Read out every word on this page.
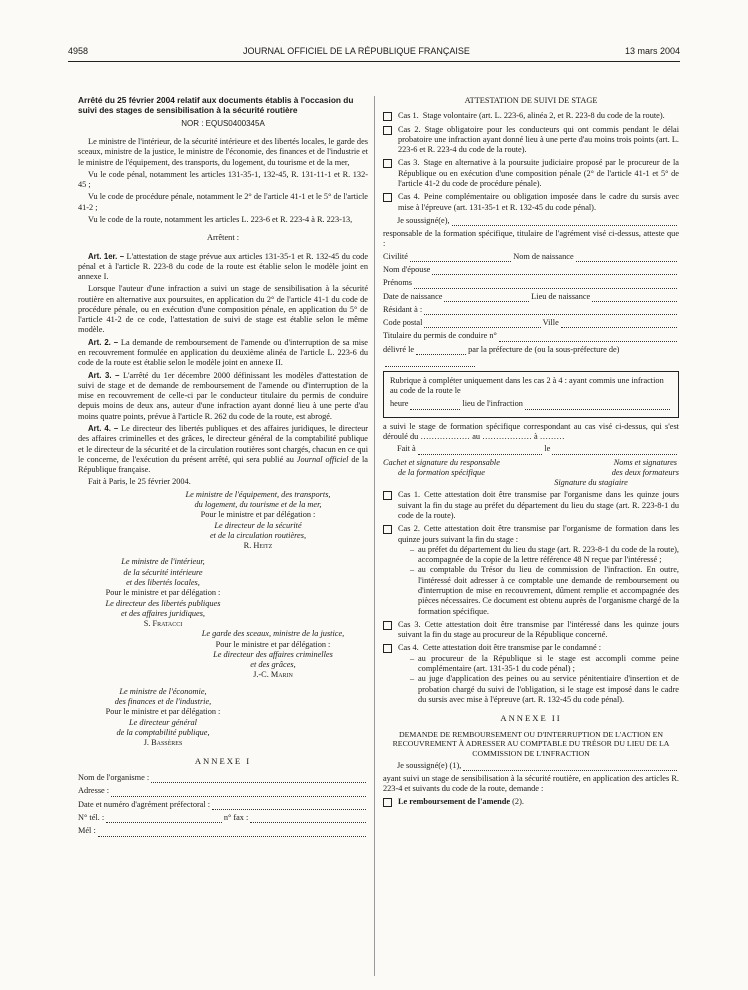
4958	JOURNAL OFFICIEL DE LA RÉPUBLIQUE FRANÇAISE	13 mars 2004
Arrêté du 25 février 2004 relatif aux documents établis à l'occasion du suivi des stages de sensibilisation à la sécurité routière
NOR : EQUS0400345A

Le ministre de l'intérieur, de la sécurité intérieure et des libertés locales, le garde des sceaux, ministre de la justice, le ministre de l'économie, des finances et de l'industrie et le ministre de l'équipement, des transports, du logement, du tourisme et de la mer,

Vu le code pénal, notamment les articles 131-35-1, 132-45, R. 131-11-1 et R. 132-45 ;

Vu le code de procédure pénale, notamment le 2° de l'article 41-1 et le 5° de l'article 41-2 ;

Vu le code de la route, notamment les articles L. 223-6 et R. 223-4 à R. 223-13,

Arrêtent :

Art. 1er. – L'attestation de stage prévue aux articles 131-35-1 et R. 132-45 du code pénal et à l'article R. 223-8 du code de la route est établie selon le modèle joint en annexe I.

Lorsque l'auteur d'une infraction a suivi un stage de sensibilisation à la sécurité routière en alternative aux poursuites, en application du 2° de l'article 41-1 du code de procédure pénale, ou en exécution d'une composition pénale, en application du 5° de l'article 41-2 de ce code, l'attestation de suivi de stage est établie selon le même modèle.

Art. 2. – La demande de remboursement de l'amende ou d'interruption de sa mise en recouvrement formulée en application du deuxième alinéa de l'article L. 223-6 du code de la route est établie selon le modèle joint en annexe II.

Art. 3. – L'arrêté du 1er décembre 2000 définissant les modèles d'attestation de suivi de stage et de demande de remboursement de l'amende ou d'interruption de la mise en recouvrement de celle-ci par le conducteur titulaire du permis de conduire depuis moins de deux ans, auteur d'une infraction ayant donné lieu à une perte d'au moins quatre points, prévue à l'article R. 262 du code de la route, est abrogé.

Art. 4. – Le directeur des libertés publiques et des affaires juridiques, le directeur des affaires criminelles et des grâces, le directeur général de la comptabilité publique et le directeur de la sécurité et de la circulation routières sont chargés, chacun en ce qui le concerne, de l'exécution du présent arrêté, qui sera publié au Journal officiel de la République française.

Fait à Paris, le 25 février 2004.

Le ministre de l'équipement, des transports,
du logement, du tourisme et de la mer,
Pour le ministre et par délégation :
Le directeur de la sécurité
et de la circulation routières,
R. Heitz
Le ministre de l'intérieur,
de la sécurité intérieure
et des libertés locales,
Pour le ministre et par délégation :
Le directeur des libertés publiques
et des affaires juridiques,
S. Fratacci
Le garde des sceaux, ministre de la justice,
Pour le ministre et par délégation :
Le directeur des affaires criminelles
et des grâces,
J.-C. Marin
Le ministre de l'économie,
des finances et de l'industrie,
Pour le ministre et par délégation :
Le directeur général
de la comptabilité publique,
J. Bassères
ANNEXE I
Nom de l'organisme :
Adresse :
Date et numéro d'agrément préfectoral :
N° tél. :	n° fax :
Mél :

ATTESTATION DE SUIVI DE STAGE

Cas 1. Stage volontaire (art. L. 223-6, alinéa 2, et R. 223-8 du code de la route).
Cas 2. Stage obligatoire pour les conducteurs qui ont commis pendant le délai probatoire une infraction ayant donné lieu à une perte d'au moins trois points (art. L. 223-6 et R. 223-4 du code de la route).
Cas 3. Stage en alternative à la poursuite judiciaire proposé par le procureur de la République ou en exécution d'une composition pénale (2° de l'article 41-1 et 5° de l'article 41-2 du code de procédure pénale).
Cas 4. Peine complémentaire ou obligation imposée dans le cadre du sursis avec mise à l'épreuve (art. 131-35-1 et R. 132-45 du code pénal).
Je soussigné(e),

responsable de la formation spécifique, titulaire de l'agrément visé ci-dessus, atteste que :

Civilité	Nom de naissance
Nom d'épouse
Prénoms
Date de naissance	Lieu de naissance
Résidant à :
Code postal	Ville
Titulaire du permis de conduire n°
délivré le	par la préfecture de (ou la sous-préfecture de)
Rubrique à compléter uniquement dans les cas 2 à 4 : ayant commis une infraction au code de la route le
heure	lieu de l'infraction

a suivi le stage de formation spécifique correspondant au cas visé ci-dessus, qui s'est déroulé du ……………… au ……………… à ………

Fait à	le
Cachet et signature du responsable
de la formation spécifique
Noms et signatures
des deux formateurs

Signature du stagiaire

Cas 1. Cette attestation doit être transmise par l'organisme dans les quinze jours suivant la fin du stage au préfet du département du lieu du stage (art. R. 223-8-1 du code de la route).
Cas 2. Cette attestation doit être transmise par l'organisme de formation dans les quinze jours suivant la fin du stage :
– au préfet du département du lieu du stage (art. R. 223-8-1 du code de la route), accompagnée de la copie de la lettre référence 48 N reçue par l'intéressé ;
– au comptable du Trésor du lieu de commission de l'infraction. En outre, l'intéressé doit adresser à ce comptable une demande de remboursement ou d'interruption de mise en recouvrement, dûment remplie et accompagnée des pièces nécessaires. Ce document est obtenu auprès de l'organisme chargé de la formation spécifique.
Cas 3. Cette attestation doit être transmise par l'intéressé dans les quinze jours suivant la fin du stage au procureur de la République concerné.
Cas 4. Cette attestation doit être transmise par le condamné :
– au procureur de la République si le stage est accompli comme peine complémentaire (art. 131-35-1 du code pénal) ;
– au juge d'application des peines ou au service pénitentiaire d'insertion et de probation chargé du suivi de l'obligation, si le stage est imposé dans le cadre du sursis avec mise à l'épreuve (art. R. 132-45 du code pénal).
ANNEXE II

DEMANDE DE REMBOURSEMENT OU D'INTERRUPTION DE L'ACTION EN RECOUVREMENT À ADRESSER AU COMPTABLE DU TRÉSOR DU LIEU DE LA COMMISSION DE L'INFRACTION

Je soussigné(e) (1),

ayant suivi un stage de sensibilisation à la sécurité routière, en application des articles R. 223-4 et suivants du code de la route, demande :

Le remboursement de l'amende (2).
